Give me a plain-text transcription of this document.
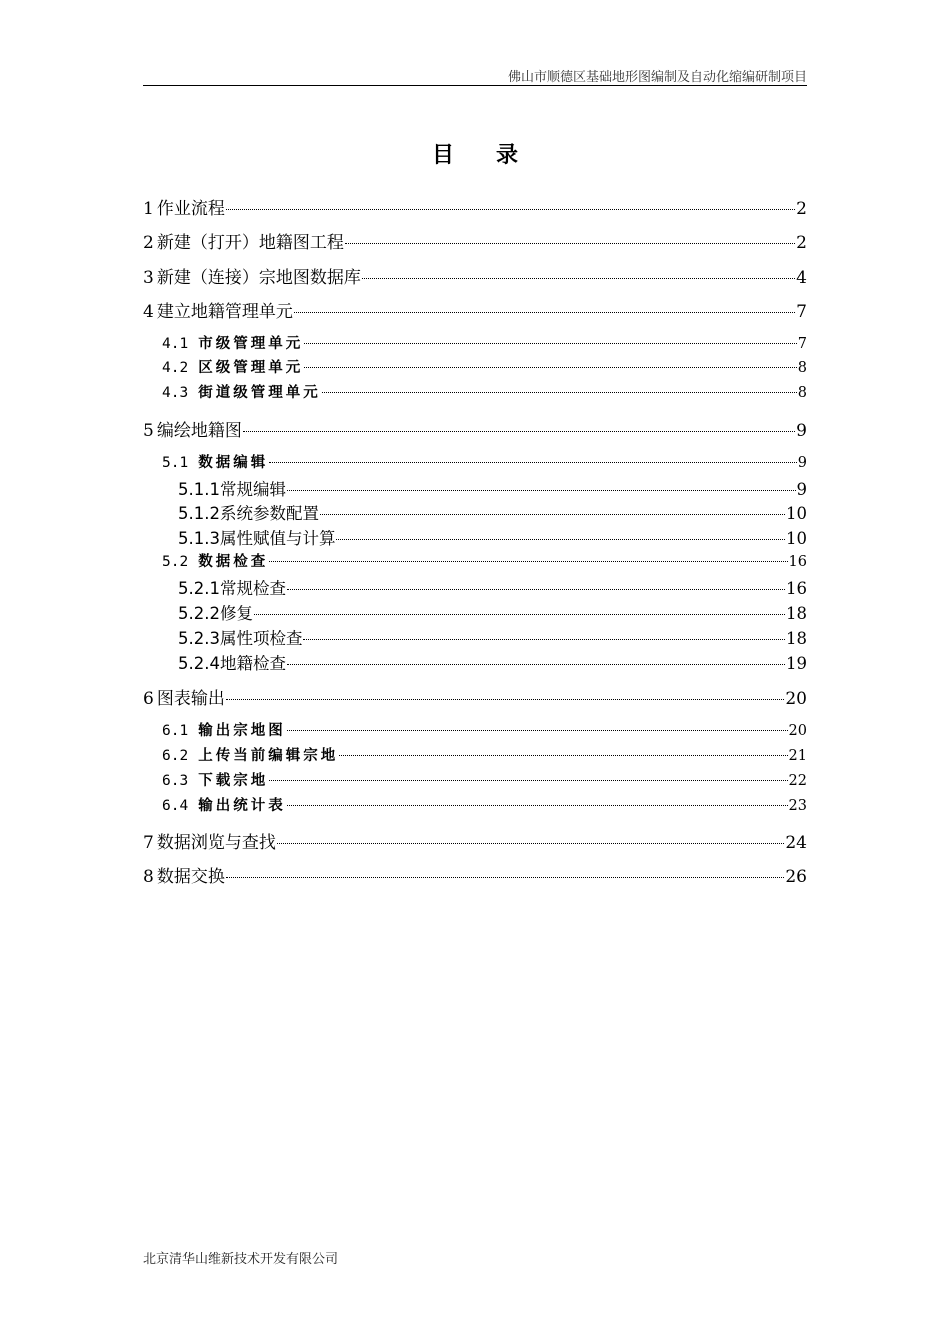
佛山市顺德区基础地形图编制及自动化缩编研制项目
目录
1 作业流程	2
2 新建（打开）地籍图工程	2
3 新建（连接）宗地图数据库	4
4 建立地籍管理单元	7
4.1 市级管理单元	7
4.2 区级管理单元	8
4.3 街道级管理单元	8
5 编绘地籍图	9
5.1 数据编辑	9
5.1.1 常规编辑	9
5.1.2 系统参数配置	10
5.1.3 属性赋值与计算	10
5.2 数据检查	16
5.2.1 常规检查	16
5.2.2 修复	18
5.2.3 属性项检查	18
5.2.4 地籍检查	19
6 图表输出	20
6.1 输出宗地图	20
6.2 上传当前编辑宗地	21
6.3 下载宗地	22
6.4 输出统计表	23
7 数据浏览与查找	24
8 数据交换	26
北京清华山维新技术开发有限公司
